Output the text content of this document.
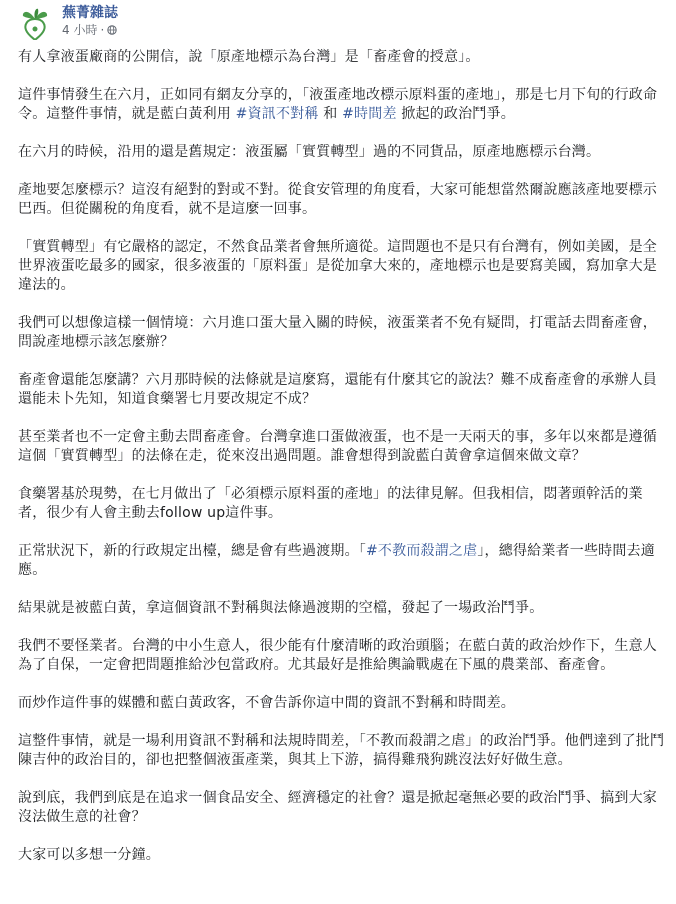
蕪菁雜誌
4 小時 ·

有人拿液蛋廠商的公開信，說「原產地標示為台灣」是「畜產會的授意」。

這件事情發生在六月，正如同有網友分享的，「液蛋產地改標示原料蛋的產地」，那是七月下旬的行政命令。這整件事情，就是藍白黃利用 #資訊不對稱 和 #時間差 掀起的政治鬥爭。

在六月的時候，沿用的還是舊規定：液蛋屬「實質轉型」過的不同貨品，原產地應標示台灣。

產地要怎麼標示？這沒有絕對的對或不對。從食安管理的角度看，大家可能想當然爾說應該產地要標示巴西。但從關稅的角度看，就不是這麼一回事。

「實質轉型」有它嚴格的認定，不然食品業者會無所適從。這問題也不是只有台灣有，例如美國，是全世界液蛋吃最多的國家，很多液蛋的「原料蛋」是從加拿大來的，產地標示也是要寫美國，寫加拿大是違法的。

我們可以想像這樣一個情境：六月進口蛋大量入關的時候，液蛋業者不免有疑問，打電話去問畜產會，問說產地標示該怎麼辦？

畜產會還能怎麼講？六月那時候的法條就是這麼寫，還能有什麼其它的說法？難不成畜產會的承辦人員還能未卜先知，知道食藥署七月要改規定不成？

甚至業者也不一定會主動去問畜產會。台灣拿進口蛋做液蛋，也不是一天兩天的事，多年以來都是遵循這個「實質轉型」的法條在走，從來沒出過問題。誰會想得到說藍白黃會拿這個來做文章？

食藥署基於現勢，在七月做出了「必須標示原料蛋的產地」的法律見解。但我相信，悶著頭幹活的業者，很少有人會主動去follow up這件事。

正常狀況下，新的行政規定出檯，總是會有些過渡期。「#不教而殺謂之虐」，總得給業者一些時間去適應。

結果就是被藍白黃，拿這個資訊不對稱與法條過渡期的空檔，發起了一場政治鬥爭。

我們不要怪業者。台灣的中小生意人，很少能有什麼清晰的政治頭腦；在藍白黃的政治炒作下，生意人為了自保，一定會把問題推給沙包當政府。尤其最好是推給輿論戰處在下風的農業部、畜產會。

而炒作這件事的媒體和藍白黃政客，不會告訴你這中間的資訊不對稱和時間差。

這整件事情，就是一場利用資訊不對稱和法規時間差，「不教而殺謂之虐」的政治鬥爭。他們達到了批鬥陳吉仲的政治目的，卻也把整個液蛋產業，與其上下游，搞得雞飛狗跳沒法好好做生意。

說到底，我們到底是在追求一個食品安全、經濟穩定的社會？還是掀起毫無必要的政治鬥爭、搞到大家沒法做生意的社會？

大家可以多想一分鐘。
